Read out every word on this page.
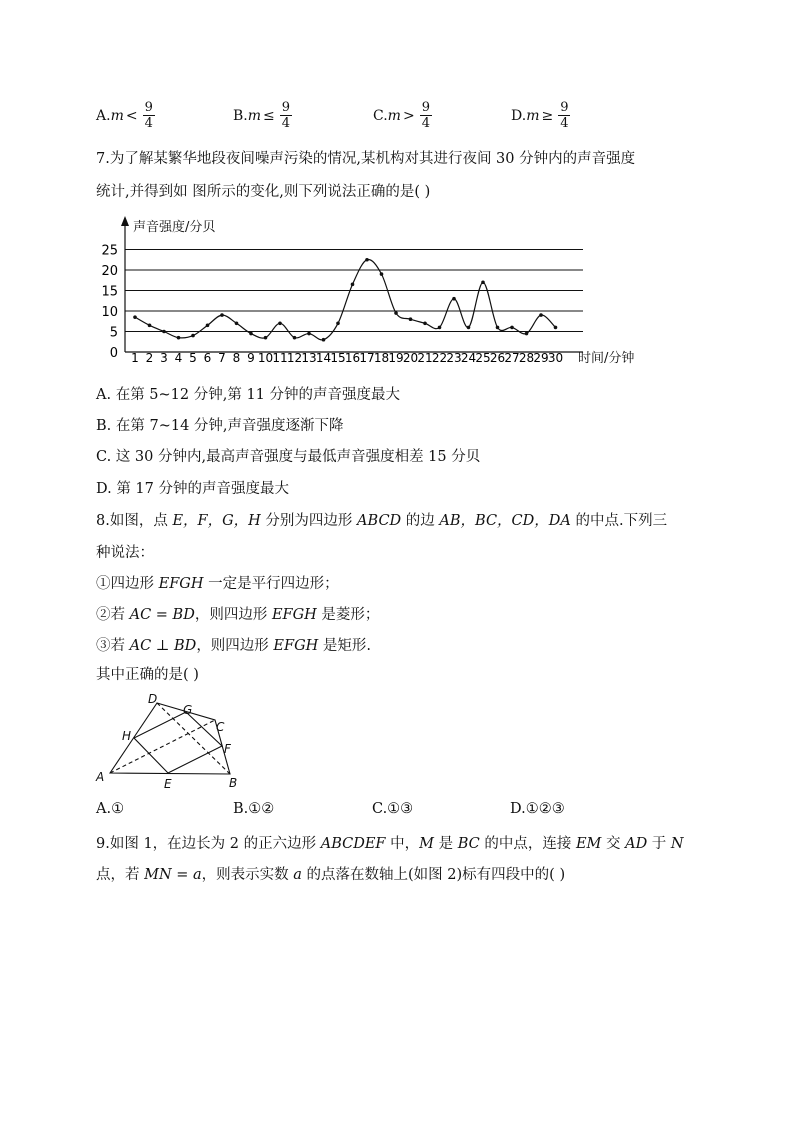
A. $m < \frac{9}{4}$	B. $m \le \frac{9}{4}$	C. $m > \frac{9}{4}$	D. $m \ge \frac{9}{4}$
7.为了解某繁华地段夜间噪声污染的情况,某机构对其进行夜间 30 分钟内的声音强度
统计,并得到如 图所示的变化,则下列说法正确的是( )
声音强度/分贝
时间/分钟
0
5
10
15
20
25
1 2 3 4 5 6 7 8 9 10 11 12 13 14 15 16 17 18 19 20 21 22 23 24 25 26 27 28 29 30
A. 在第 5~12 分钟,第 11 分钟的声音强度最大
B. 在第 7~14 分钟,声音强度逐渐下降
C. 这 30 分钟内,最高声音强度与最低声音强度相差 15 分贝
D. 第 17 分钟的声音强度最大
8.如图，点 E，F，G，H 分别为四边形 ABCD 的边 AB，BC，CD，DA 的中点.下列三
种说法：
①四边形 EFGH 一定是平行四边形；
②若 AC = BD，则四边形 EFGH 是菱形；
③若 AC ⊥ BD，则四边形 EFGH 是矩形.
其中正确的是( )
A	B
C
D
E
F
G
H
A.①	B.①②	C.①③	D.①②③
9.如图 1，在边长为 2 的正六边形 ABCDEF 中，M 是 BC 的中点，连接 EM 交 AD 于 N
点，若 MN = a，则表示实数 a 的点落在数轴上(如图 2)标有四段中的( )
